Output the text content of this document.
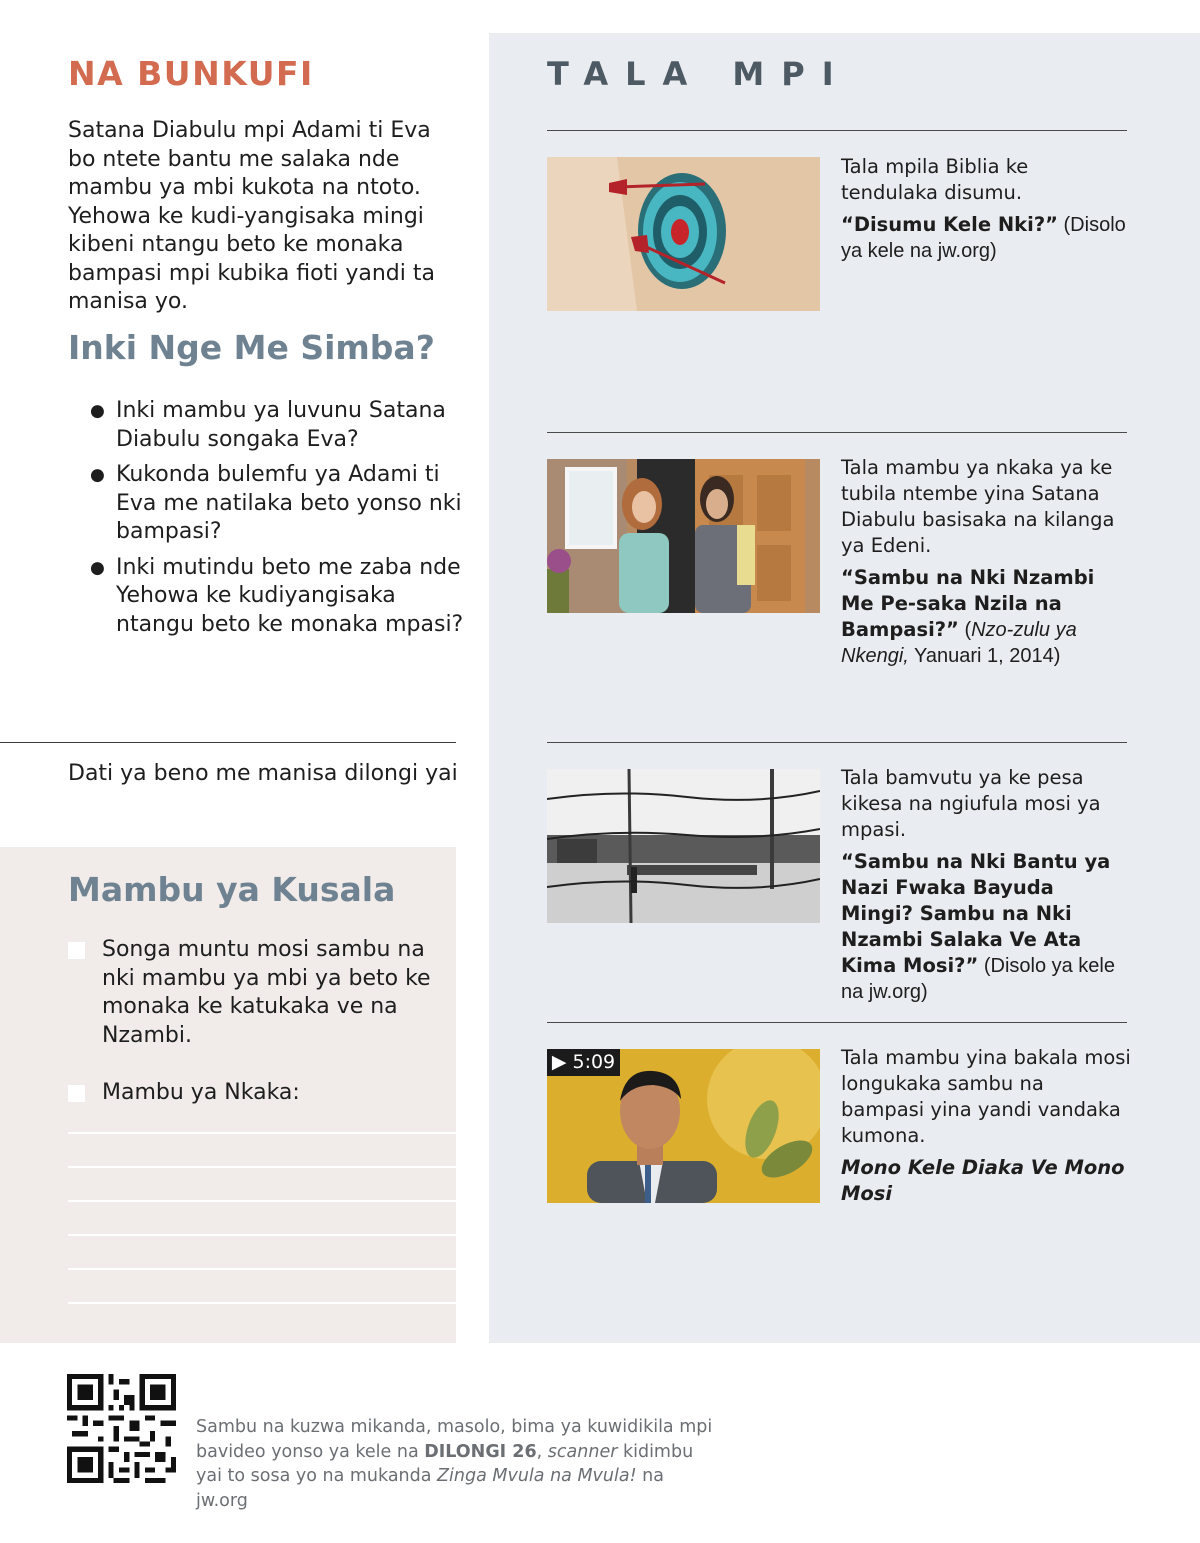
NA BUNKUFI

Satana Diabulu mpi Adami ti Eva bo ntete bantu me salaka nde mambu ya mbi kukota na ntoto. Yehowa ke kudi-yangisaka mingi kibeni ntangu beto ke monaka bampasi mpi kubika fioti yandi ta manisa yo.

Inki Nge Me Simba?
● Inki mambu ya luvunu Satana Diabulu songaka Eva?
● Kukonda bulemfu ya Adami ti Eva me natilaka beto yonso nki bampasi?
● Inki mutindu beto me zaba nde Yehowa ke kudiyangisaka ntangu beto ke monaka mpasi?
Dati ya beno me manisa dilongi yai
Mambu ya Kusala
Songa muntu mosi sambu na nki mambu ya mbi ya beto ke monaka ke katukaka ve na Nzambi.
Mambu ya Nkaka:
TALA MPI

Tala mpila Biblia ke tendulaka disumu.

“Disumu Kele Nki?” (Disolo ya kele na jw.org)

Tala mambu ya nkaka ya ke tubila ntembe yina Satana Diabulu basisaka na kilanga ya Edeni.

“Sambu na Nki Nzambi Me Pe-saka Nzila na Bampasi?” (Nzo-zulu ya Nkengi, Yanuari 1, 2014)

Tala bamvutu ya ke pesa kikesa na ngiufula mosi ya mpasi.

“Sambu na Nki Bantu ya Nazi Fwaka Bayuda Mingi? Sambu na Nki Nzambi Salaka Ve Ata Kima Mosi?” (Disolo ya kele na jw.org)

▶ 5:09	Tala mambu yina bakala mosi longukaka sambu na bampasi yina yandi vandaka kumona.

Mono Kele Diaka Ve Mono Mosi

Sambu na kuzwa mikanda, masolo, bima ya kuwidikila mpi bavideo yonso ya kele na DILONGI 26, scanner kidimbu yai to sosa yo na mukanda Zinga Mvula na Mvula! na jw.org
